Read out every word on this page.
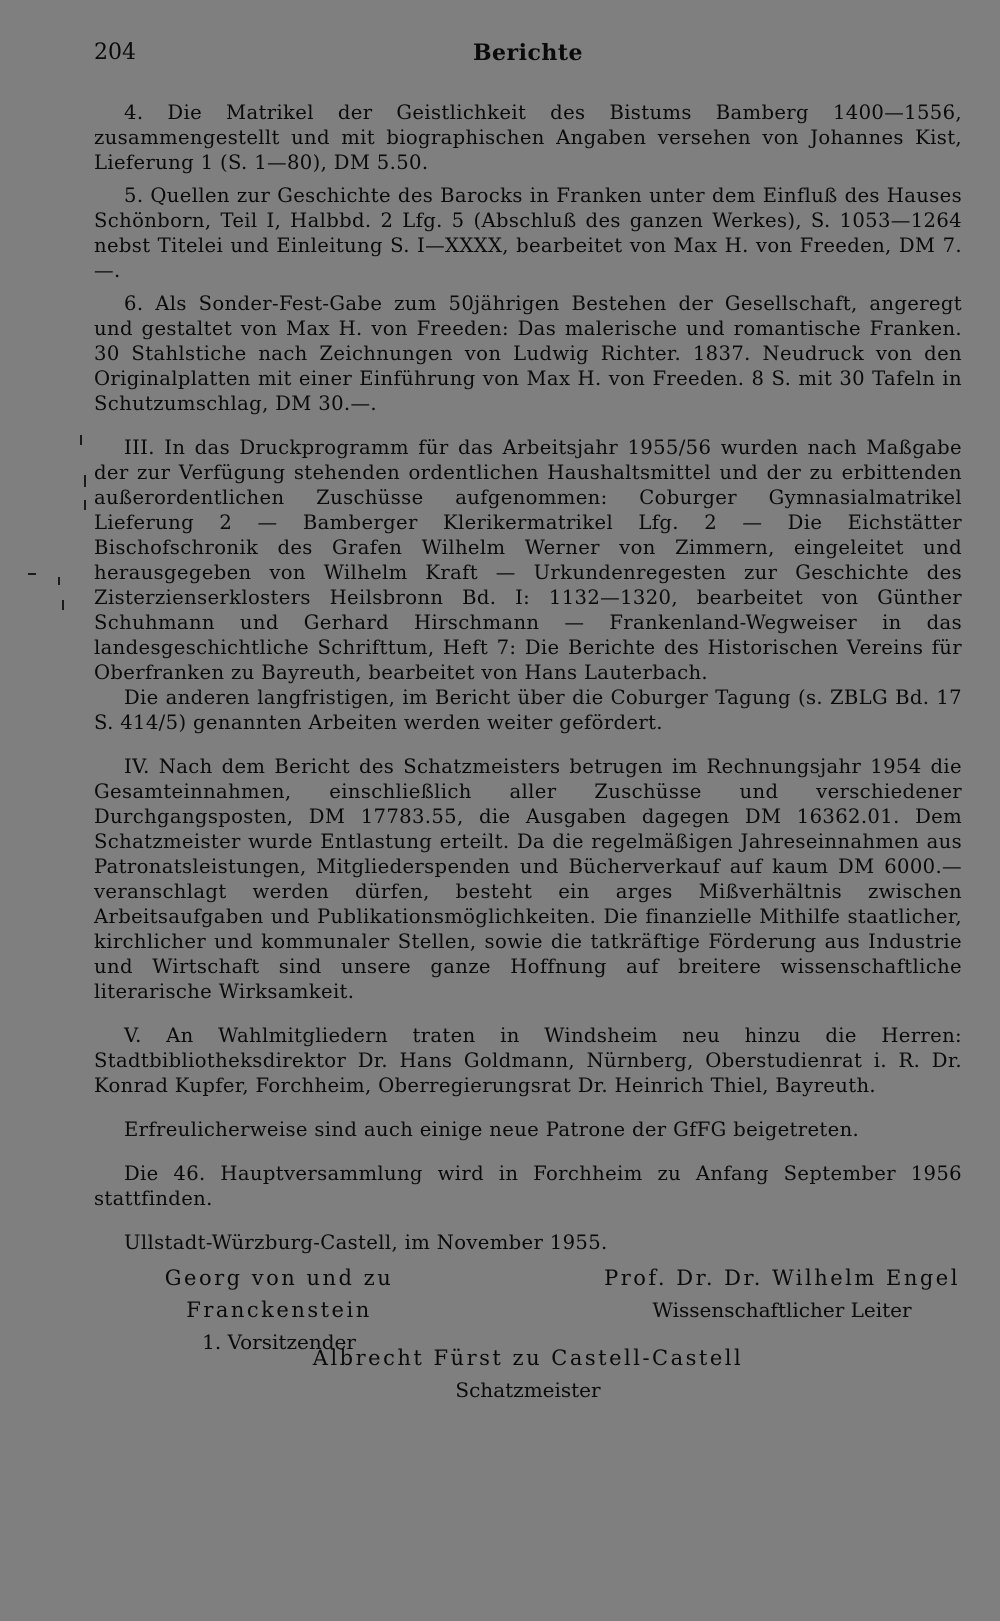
204	Berichte

4. Die Matrikel der Geistlichkeit des Bistums Bamberg 1400—1556, zusammengestellt und mit biographischen Angaben versehen von Johannes Kist, Lieferung 1 (S. 1—80), DM 5.50.

5. Quellen zur Geschichte des Barocks in Franken unter dem Einfluß des Hauses Schönborn, Teil I, Halbbd. 2 Lfg. 5 (Abschluß des ganzen Werkes), S. 1053—1264 nebst Titelei und Einleitung S. I—XXXX, bearbeitet von Max H. von Freeden, DM 7.—.

6. Als Sonder-Fest-Gabe zum 50jährigen Bestehen der Gesellschaft, angeregt und gestaltet von Max H. von Freeden: Das malerische und romantische Franken. 30 Stahlstiche nach Zeichnungen von Ludwig Richter. 1837. Neudruck von den Originalplatten mit einer Einführung von Max H. von Freeden. 8 S. mit 30 Tafeln in Schutzumschlag, DM 30.—.

III. In das Druckprogramm für das Arbeitsjahr 1955/56 wurden nach Maßgabe der zur Verfügung stehenden ordentlichen Haushaltsmittel und der zu erbittenden außerordentlichen Zuschüsse aufgenommen: Coburger Gymnasialmatrikel Lieferung 2 — Bamberger Klerikermatrikel Lfg. 2 — Die Eichstätter Bischofschronik des Grafen Wilhelm Werner von Zimmern, eingeleitet und herausgegeben von Wilhelm Kraft — Urkundenregesten zur Geschichte des Zisterzienserklosters Heilsbronn Bd. I: 1132—1320, bearbeitet von Günther Schuhmann und Gerhard Hirschmann — Frankenland-Wegweiser in das landesgeschichtliche Schrifttum, Heft 7: Die Berichte des Historischen Vereins für Oberfranken zu Bayreuth, bearbeitet von Hans Lauterbach.

Die anderen langfristigen, im Bericht über die Coburger Tagung (s. ZBLG Bd. 17 S. 414/5) genannten Arbeiten werden weiter gefördert.

IV. Nach dem Bericht des Schatzmeisters betrugen im Rechnungsjahr 1954 die Gesamteinnahmen, einschließlich aller Zuschüsse und verschiedener Durchgangsposten, DM 17783.55, die Ausgaben dagegen DM 16362.01. Dem Schatzmeister wurde Entlastung erteilt. Da die regelmäßigen Jahreseinnahmen aus Patronatsleistungen, Mitgliederspenden und Bücherverkauf auf kaum DM 6000.— veranschlagt werden dürfen, besteht ein arges Mißverhältnis zwischen Arbeitsaufgaben und Publikationsmöglichkeiten. Die finanzielle Mithilfe staatlicher, kirchlicher und kommunaler Stellen, sowie die tatkräftige Förderung aus Industrie und Wirtschaft sind unsere ganze Hoffnung auf breitere wissenschaftliche literarische Wirksamkeit.

V. An Wahlmitgliedern traten in Windsheim neu hinzu die Herren: Stadtbibliotheksdirektor Dr. Hans Goldmann, Nürnberg, Oberstudienrat i. R. Dr. Konrad Kupfer, Forchheim, Oberregierungsrat Dr. Heinrich Thiel, Bayreuth.

Erfreulicherweise sind auch einige neue Patrone der GfFG beigetreten.

Die 46. Hauptversammlung wird in Forchheim zu Anfang September 1956 stattfinden.

Ullstadt-Würzburg-Castell, im November 1955.

Georg von und zu Franckenstein
1. Vorsitzender
Prof. Dr. Dr. Wilhelm Engel
Wissenschaftlicher Leiter
Albrecht Fürst zu Castell-Castell
Schatzmeister
